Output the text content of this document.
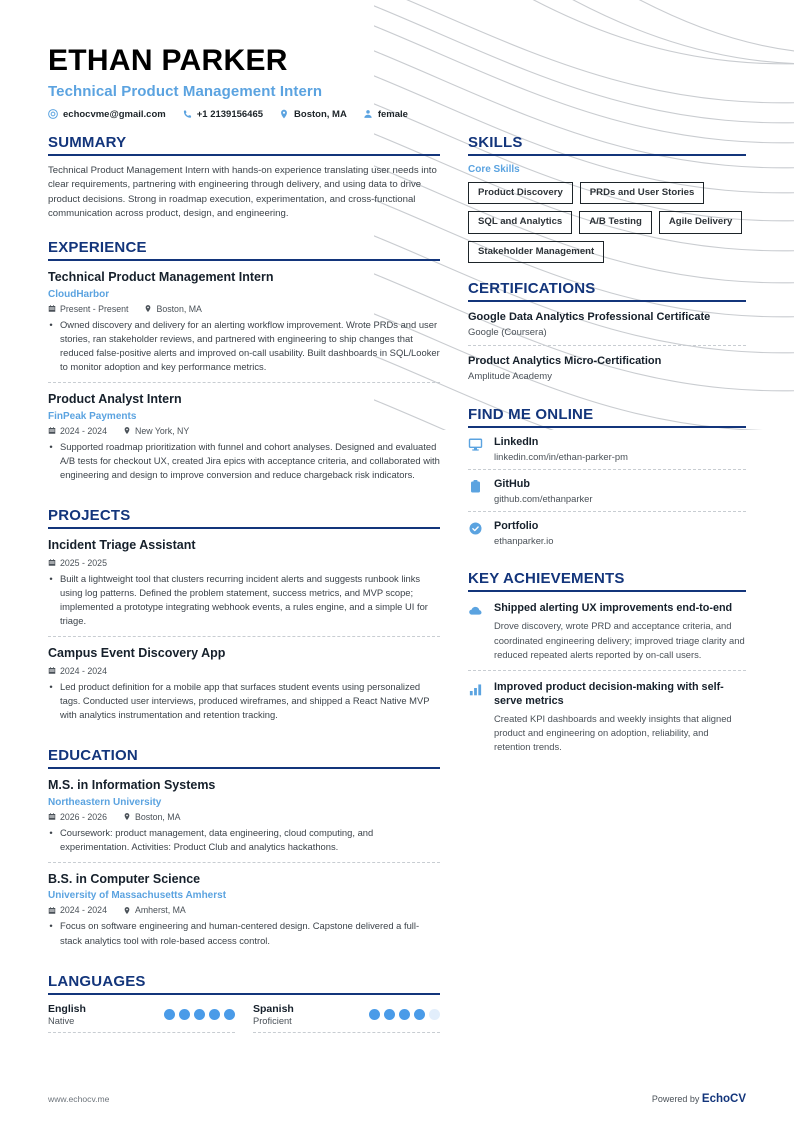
ETHAN PARKER
Technical Product Management Intern
echocvme@gmail.com	+1 2139156465	Boston, MA	female
SUMMARY
Technical Product Management Intern with hands-on experience translating user needs into clear requirements, partnering with engineering through delivery, and using data to drive product decisions. Strong in roadmap execution, experimentation, and cross-functional communication across product, design, and engineering.
EXPERIENCE
Technical Product Management Intern
CloudHarbor
Present - Present	Boston, MA
• Owned discovery and delivery for an alerting workflow improvement. Wrote PRDs and user stories, ran stakeholder reviews, and partnered with engineering to ship changes that reduced false-positive alerts and improved on-call usability. Built dashboards in SQL/Looker to monitor adoption and key performance metrics.
Product Analyst Intern
FinPeak Payments
2024 - 2024	New York, NY
• Supported roadmap prioritization with funnel and cohort analyses. Designed and evaluated A/B tests for checkout UX, created Jira epics with acceptance criteria, and collaborated with engineering and design to improve conversion and reduce chargeback risk indicators.
PROJECTS
Incident Triage Assistant
2025 - 2025
• Built a lightweight tool that clusters recurring incident alerts and suggests runbook links using log patterns. Defined the problem statement, success metrics, and MVP scope; implemented a prototype integrating webhook events, a rules engine, and a simple UI for triage.
Campus Event Discovery App
2024 - 2024
• Led product definition for a mobile app that surfaces student events using personalized tags. Conducted user interviews, produced wireframes, and shipped a React Native MVP with analytics instrumentation and retention tracking.
EDUCATION
M.S. in Information Systems
Northeastern University
2026 - 2026	Boston, MA
• Coursework: product management, data engineering, cloud computing, and experimentation. Activities: Product Club and analytics hackathons.
B.S. in Computer Science
University of Massachusetts Amherst
2024 - 2024	Amherst, MA
• Focus on software engineering and human-centered design. Capstone delivered a full-stack analytics tool with role-based access control.
LANGUAGES
English
Native
Spanish
Proficient
SKILLS
Core Skills
Product Discovery	PRDs and User Stories
SQL and Analytics	A/B Testing	Agile Delivery
Stakeholder Management
CERTIFICATIONS
Google Data Analytics Professional Certificate
Google (Coursera)
Product Analytics Micro-Certification
Amplitude Academy
FIND ME ONLINE
LinkedIn
linkedin.com/in/ethan-parker-pm
GitHub
github.com/ethanparker
Portfolio
ethanparker.io
KEY ACHIEVEMENTS
Shipped alerting UX improvements end-to-end
Drove discovery, wrote PRD and acceptance criteria, and coordinated engineering delivery; improved triage clarity and reduced repeated alerts reported by on-call users.
Improved product decision-making with self-serve metrics
Created KPI dashboards and weekly insights that aligned product and engineering on adoption, reliability, and retention trends.
www.echocv.me	Powered by EchoCV
